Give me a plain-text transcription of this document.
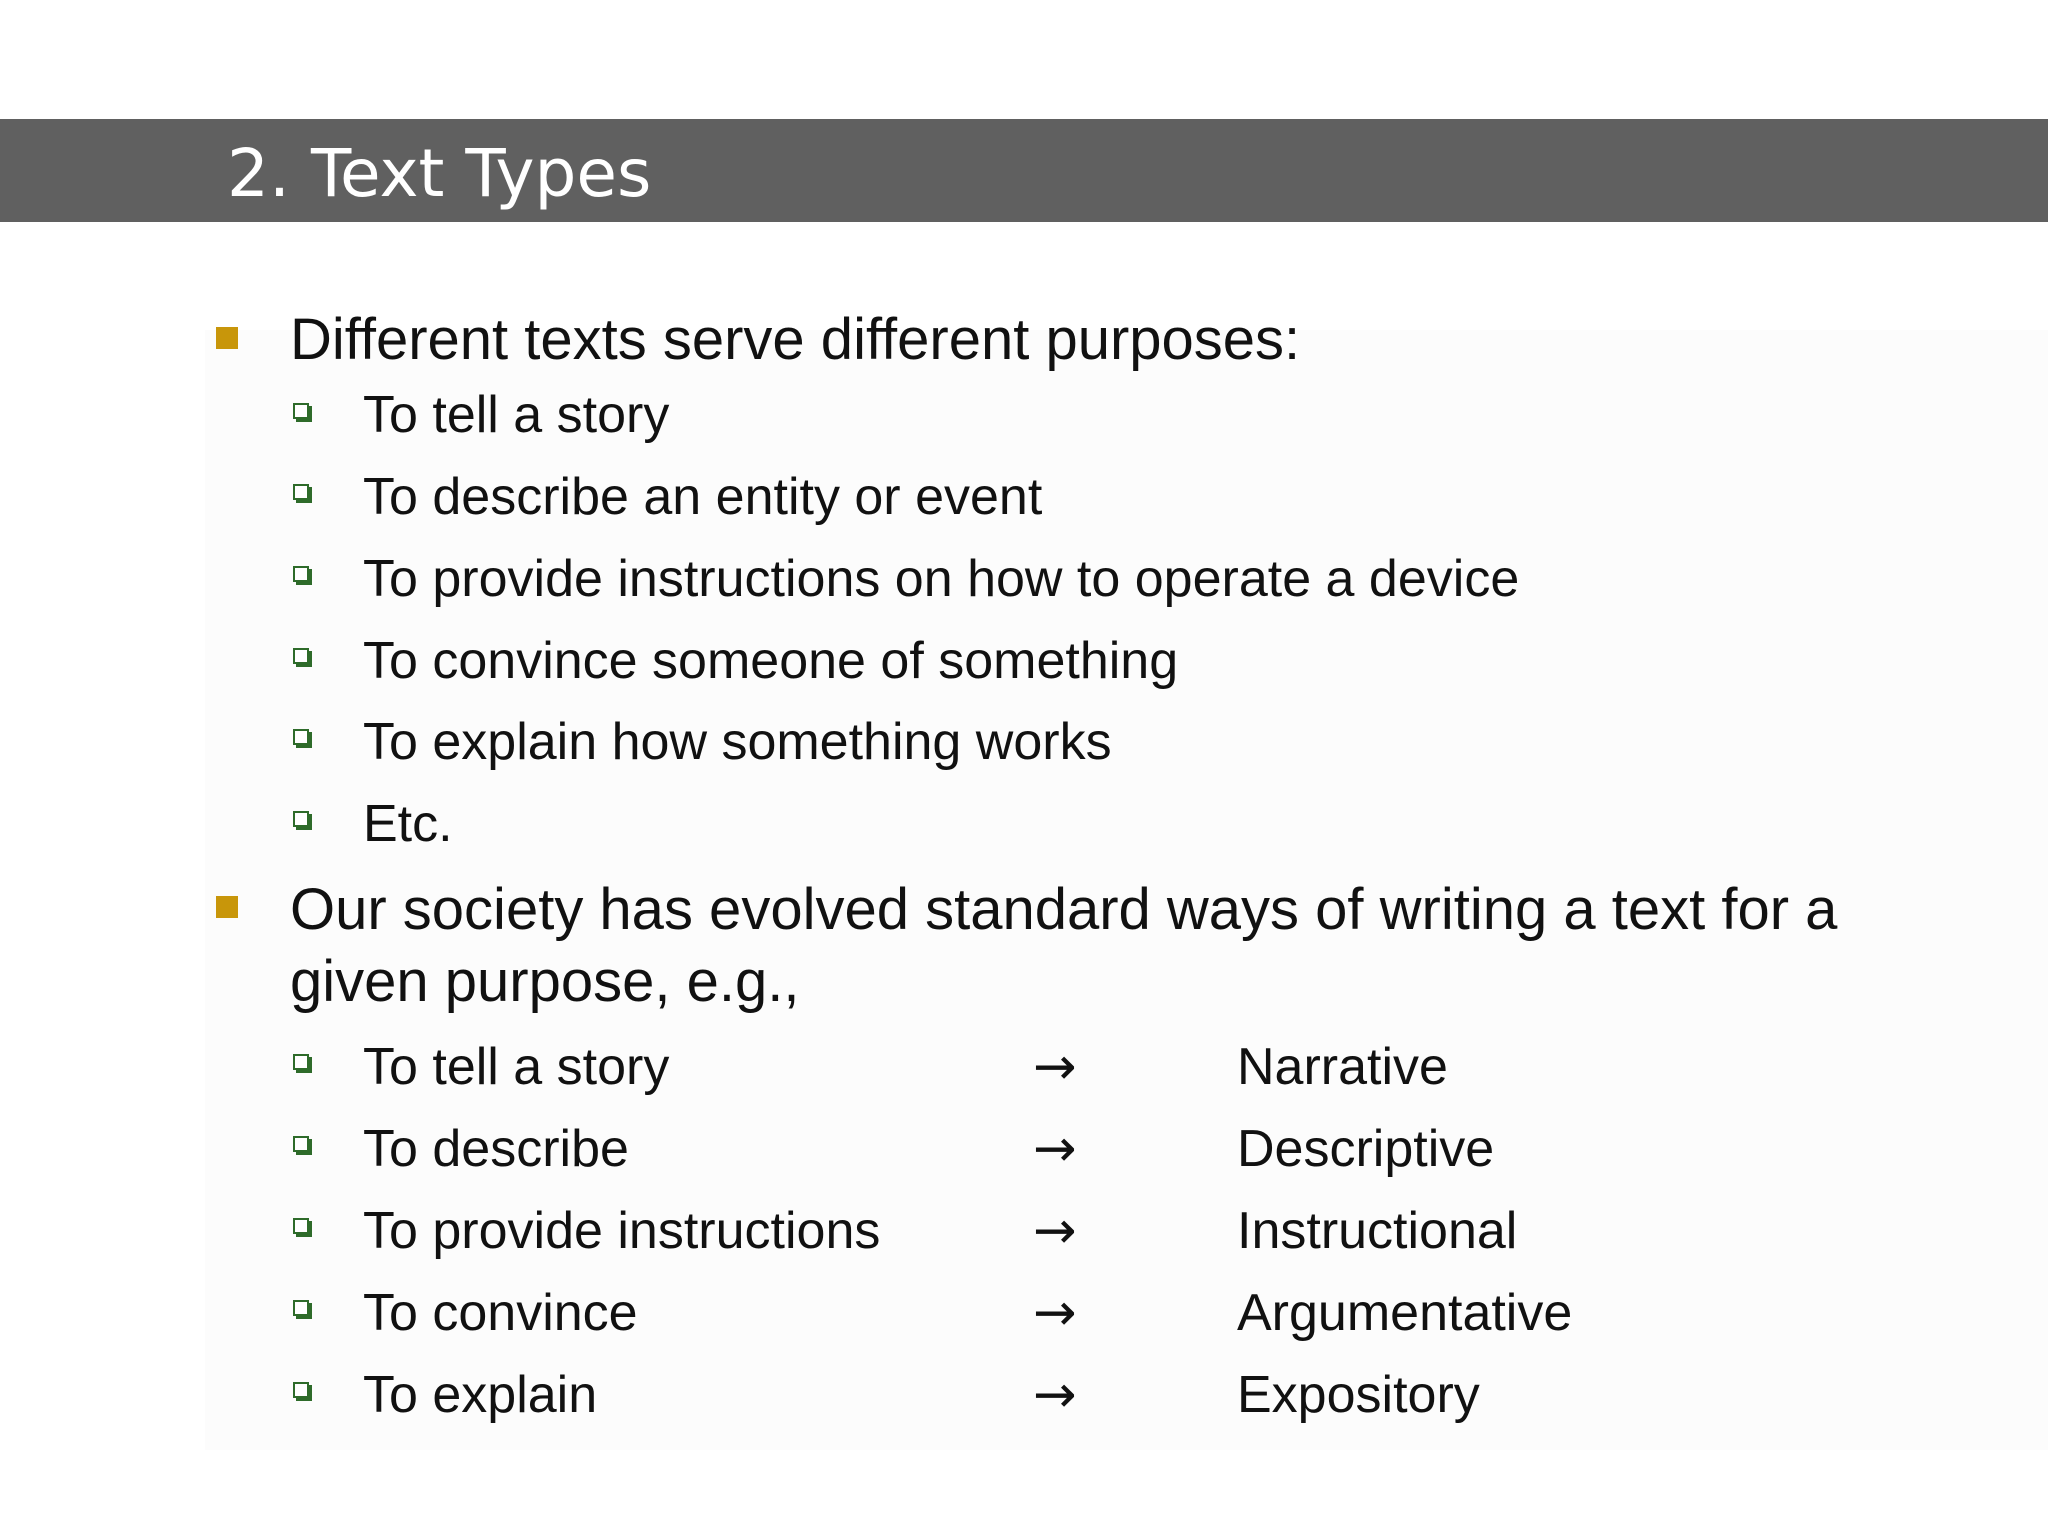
2. Text Types
Different texts serve different purposes:
To tell a story
To describe an entity or event
To provide instructions on how to operate a device
To convince someone of something
To explain how something works
Etc.
Our society has evolved standard ways of writing a text for a given purpose, e.g.,
To tell a story	→	Narrative
To describe	→	Descriptive
To provide instructions	→	Instructional
To convince	→	Argumentative
To explain	→	Expository
